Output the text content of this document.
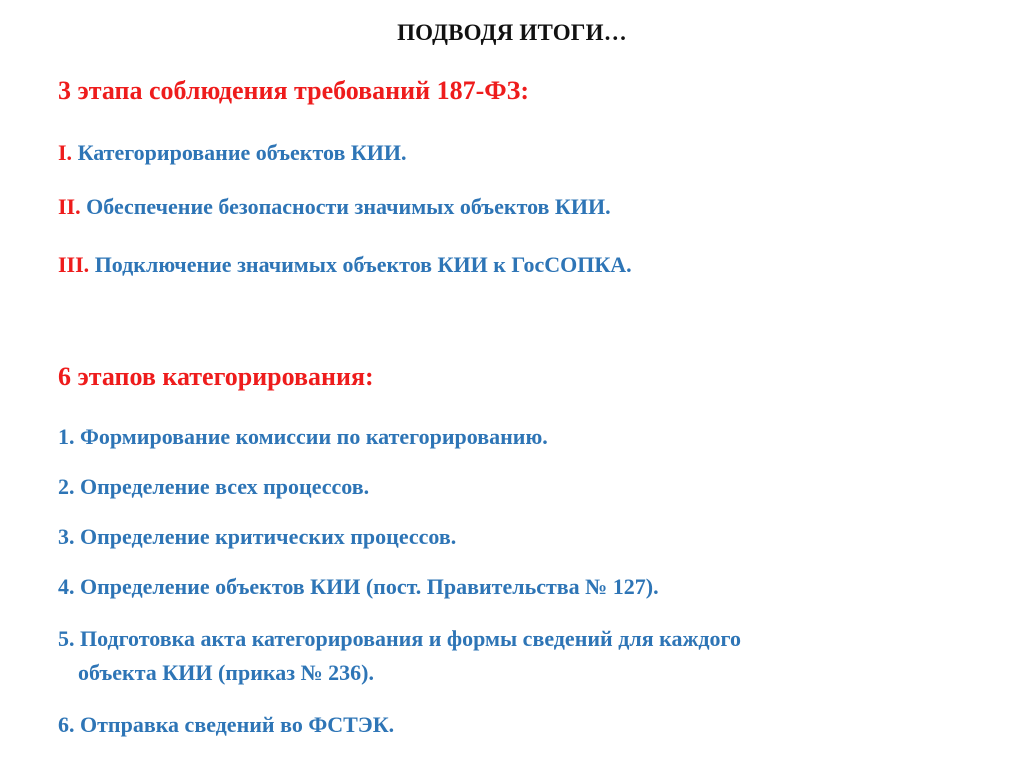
ПОДВОДЯ ИТОГИ…
3 этапа соблюдения требований 187-ФЗ:
I. Категорирование объектов КИИ.
II. Обеспечение безопасности значимых объектов КИИ.
III. Подключение значимых объектов КИИ к ГосСОПКА.
6 этапов категорирования:
1. Формирование комиссии по категорированию.
2. Определение всех процессов.
3. Определение критических процессов.
4. Определение объектов КИИ (пост. Правительства № 127).
5. Подготовка акта категорирования и формы сведений для каждого
объекта КИИ (приказ № 236).
6. Отправка сведений во ФСТЭК.
